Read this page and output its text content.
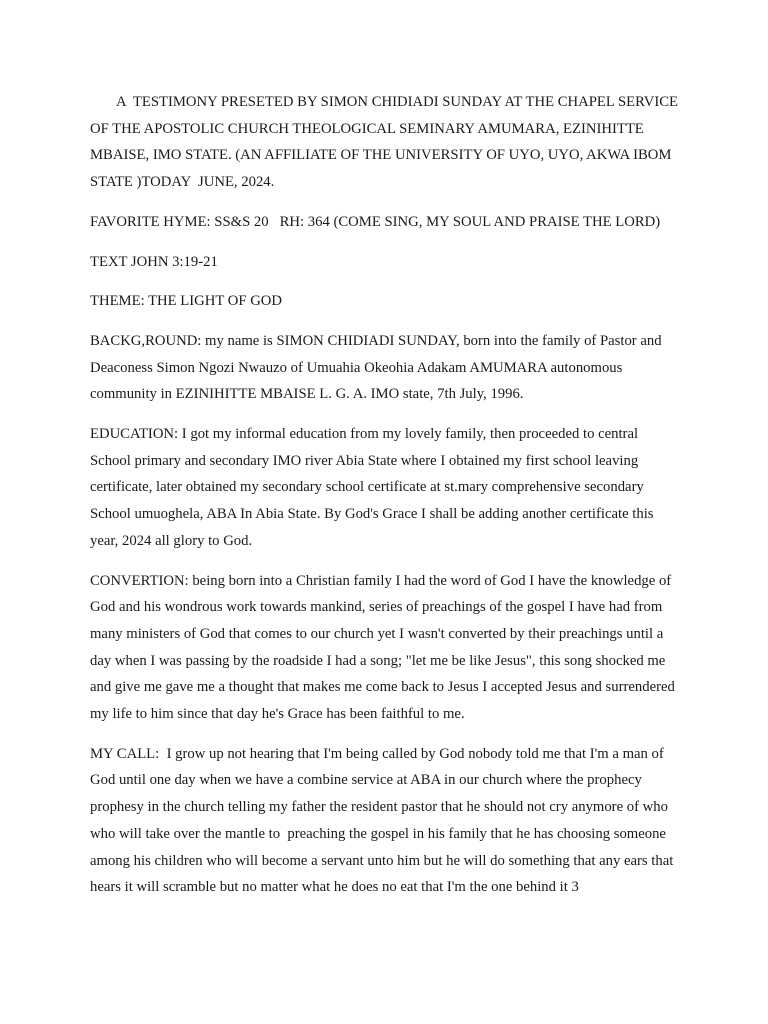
A  TESTIMONY PRESETED BY SIMON CHIDIADI SUNDAY AT THE CHAPEL SERVICE OF THE APOSTOLIC CHURCH THEOLOGICAL SEMINARY AMUMARA, EZINIHITTE MBAISE, IMO STATE. (AN AFFILIATE OF THE UNIVERSITY OF UYO, UYO, AKWA IBOM STATE )TODAY  JUNE, 2024.

FAVORITE HYME: SS&S 20   RH: 364 (COME SING, MY SOUL AND PRAISE THE LORD)

TEXT JOHN 3:19-21

THEME: THE LIGHT OF GOD

BACKG,ROUND: my name is SIMON CHIDIADI SUNDAY, born into the family of Pastor and Deaconess Simon Ngozi Nwauzo of Umuahia Okeohia Adakam AMUMARA autonomous community in EZINIHITTE MBAISE L. G. A. IMO state, 7th July, 1996.

EDUCATION: I got my informal education from my lovely family, then proceeded to central School primary and secondary IMO river Abia State where I obtained my first school leaving certificate, later obtained my secondary school certificate at st.mary comprehensive secondary School umuoghela, ABA In Abia State. By God's Grace I shall be adding another certificate this year, 2024 all glory to God.

CONVERTION: being born into a Christian family I had the word of God I have the knowledge of God and his wondrous work towards mankind, series of preachings of the gospel I have had from many ministers of God that comes to our church yet I wasn't converted by their preachings until a day when I was passing by the roadside I had a song; "let me be like Jesus", this song shocked me and give me gave me a thought that makes me come back to Jesus I accepted Jesus and surrendered my life to him since that day he's Grace has been faithful to me.

MY CALL:  I grow up not hearing that I'm being called by God nobody told me that I'm a man of God until one day when we have a combine service at ABA in our church where the prophecy prophesy in the church telling my father the resident pastor that he should not cry anymore of who who will take over the mantle to  preaching the gospel in his family that he has choosing someone among his children who will become a servant unto him but he will do something that any ears that hears it will scramble but no matter what he does no eat that I'm the one behind it 3
